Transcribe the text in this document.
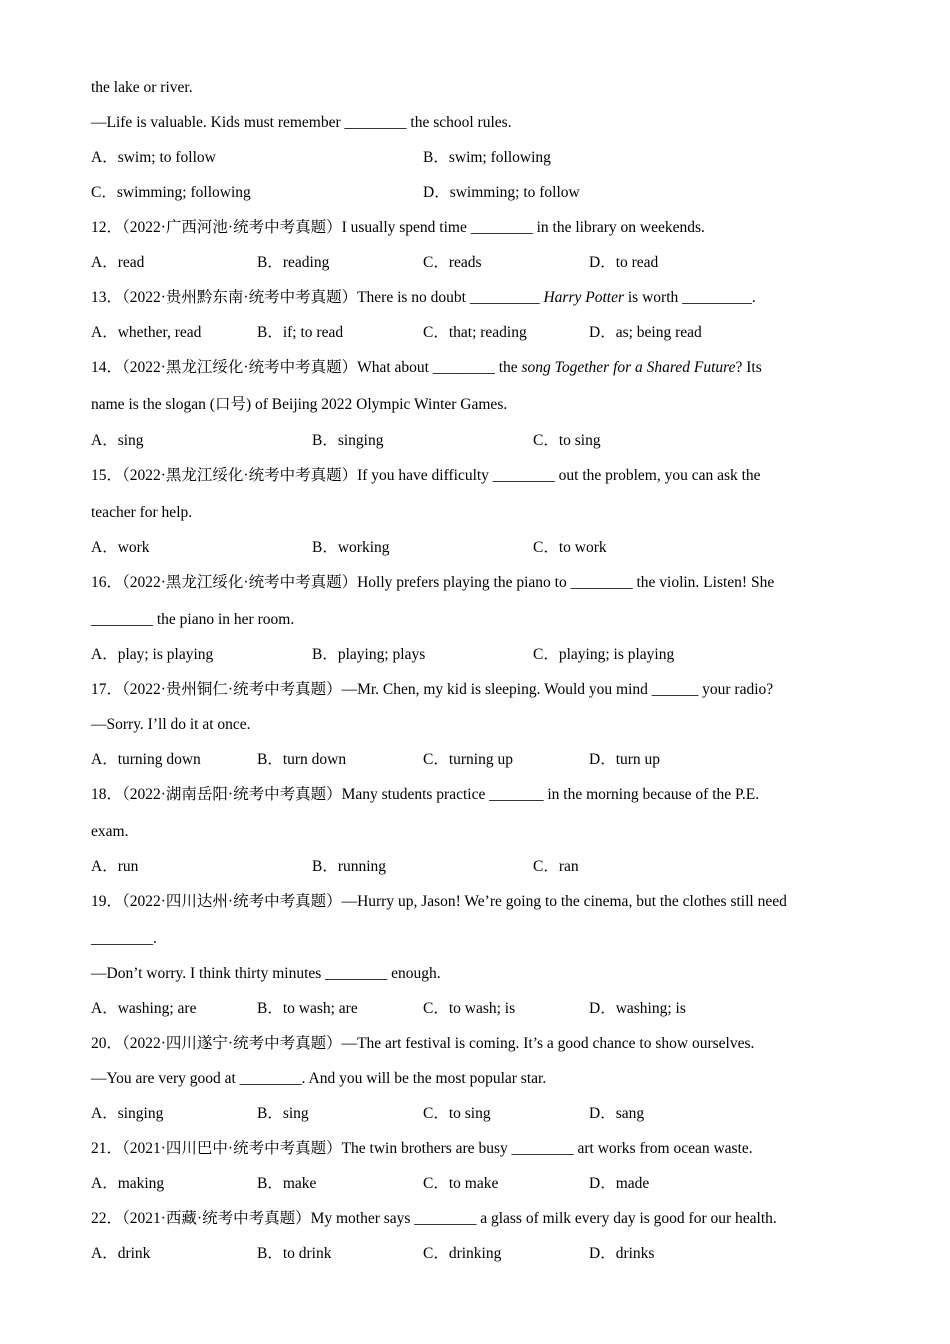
the lake or river.
—Life is valuable. Kids must remember ________ the school rules.
A．swim; to follow	B．swim; following
C．swimming; following	D．swimming; to follow
12．（2022·广西河池·统考中考真题）I usually spend time ________ in the library on weekends.
A．read	B．reading	C．reads	D．to read
13．（2022·贵州黔东南·统考中考真题）There is no doubt _________ Harry Potter is worth _________.
A．whether, read	B．if; to read	C．that; reading	D．as; being read
14．（2022·黑龙江绥化·统考中考真题）What about ________ the song Together for a Shared Future? Its
name is the slogan (口号) of Beijing 2022 Olympic Winter Games.
A．sing	B．singing	C．to sing
15．（2022·黑龙江绥化·统考中考真题）If you have difficulty ________ out the problem, you can ask the
teacher for help.
A．work	B．working	C．to work
16．（2022·黑龙江绥化·统考中考真题）Holly prefers playing the piano to ________ the violin. Listen! She
________ the piano in her room.
A．play; is playing	B．playing; plays	C．playing; is playing
17．（2022·贵州铜仁·统考中考真题）—Mr. Chen, my kid is sleeping. Would you mind ______ your radio?
—Sorry. I’ll do it at once.
A．turning down	B．turn down	C．turning up	D．turn up
18．（2022·湖南岳阳·统考中考真题）Many students practice _______ in the morning because of the P.E.
exam.
A．run	B．running	C．ran
19．（2022·四川达州·统考中考真题）—Hurry up, Jason! We’re going to the cinema, but the clothes still need
________.
—Don’t worry. I think thirty minutes ________ enough.
A．washing; are	B．to wash; are	C．to wash; is	D．washing; is
20．（2022·四川遂宁·统考中考真题）—The art festival is coming. It’s a good chance to show ourselves.
—You are very good at ________. And you will be the most popular star.
A．singing	B．sing	C．to sing	D．sang
21．（2021·四川巴中·统考中考真题）The twin brothers are busy ________ art works from ocean waste.
A．making	B．make	C．to make	D．made
22．（2021·西藏·统考中考真题）My mother says ________ a glass of milk every day is good for our health.
A．drink	B．to drink	C．drinking	D．drinks
